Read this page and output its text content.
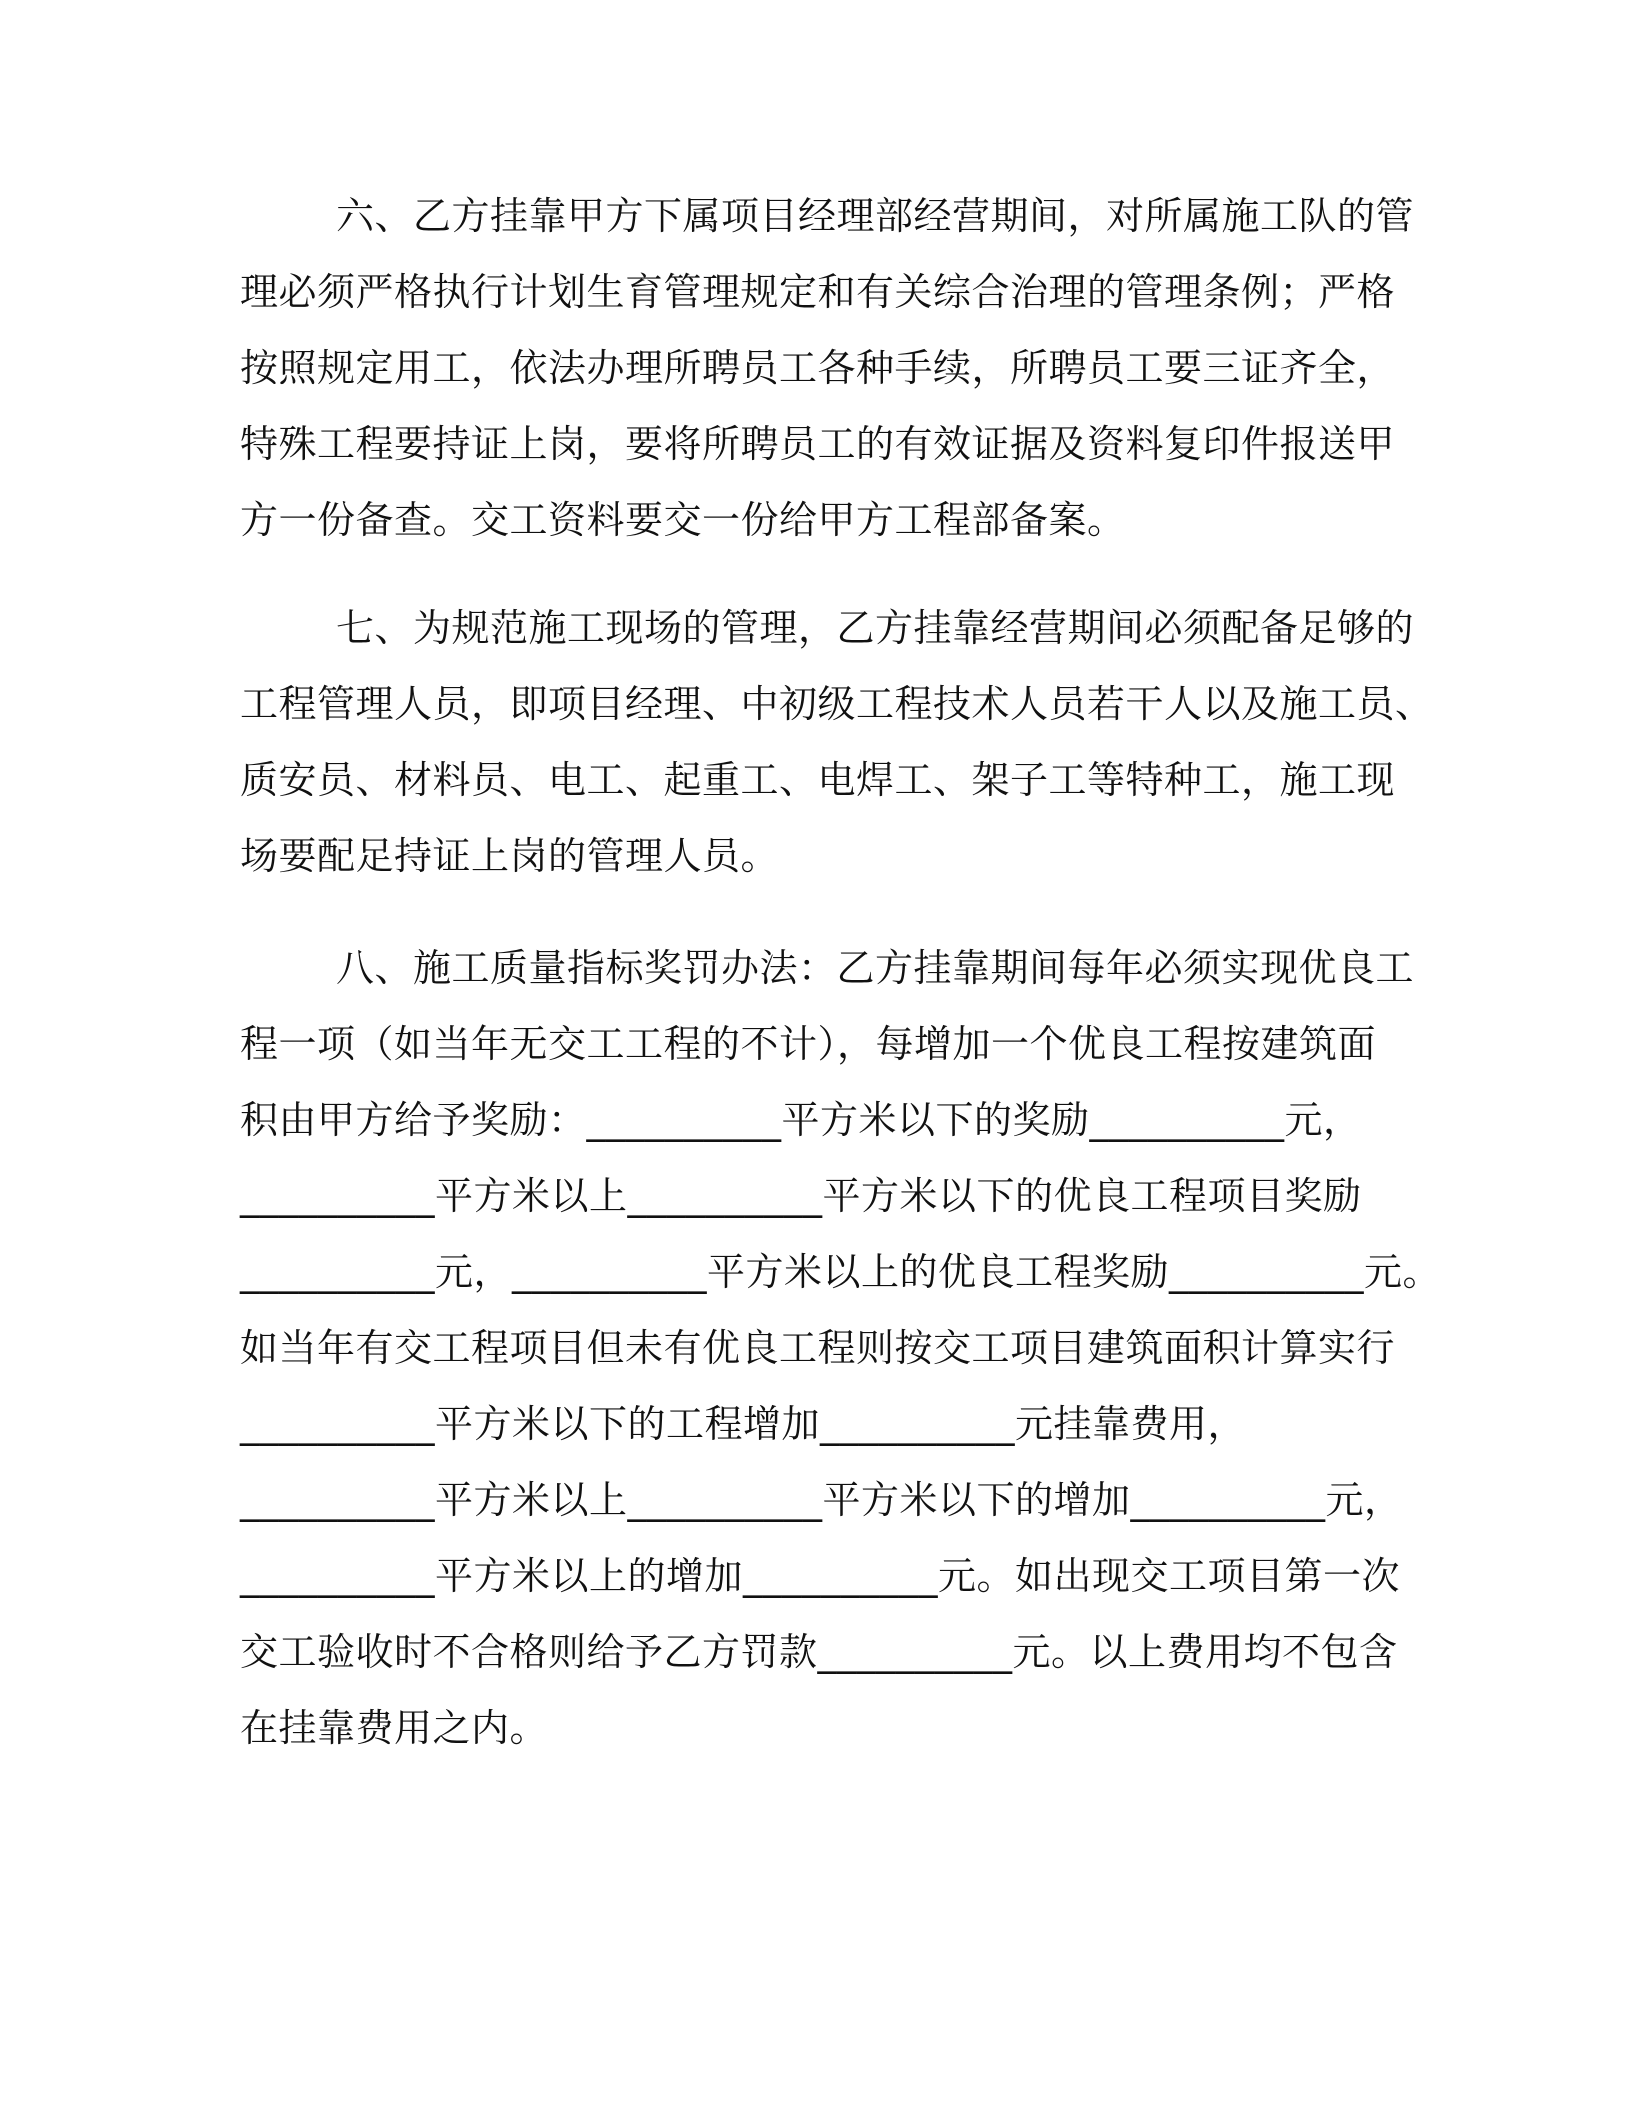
六、乙方挂靠甲方下属项目经理部经营期间，对所属施工队的管
理必须严格执行计划生育管理规定和有关综合治理的管理条例；严格
按照规定用工，依法办理所聘员工各种手续，所聘员工要三证齐全，
特殊工程要持证上岗，要将所聘员工的有效证据及资料复印件报送甲
方一份备查。交工资料要交一份给甲方工程部备案。
七、为规范施工现场的管理，乙方挂靠经营期间必须配备足够的
工程管理人员，即项目经理、中初级工程技术人员若干人以及施工员、
质安员、材料员、电工、起重工、电焊工、架子工等特种工，施工现
场要配足持证上岗的管理人员。
八、施工质量指标奖罚办法：乙方挂靠期间每年必须实现优良工
程一项（如当年无交工工程的不计），每增加一个优良工程按建筑面
积由甲方给予奖励：__________平方米以下的奖励__________元，
__________平方米以上__________平方米以下的优良工程项目奖励
__________元，__________平方米以上的优良工程奖励__________元。
如当年有交工程项目但未有优良工程则按交工项目建筑面积计算实行
__________平方米以下的工程增加__________元挂靠费用，
__________平方米以上__________平方米以下的增加__________元，
__________平方米以上的增加__________元。如出现交工项目第一次
交工验收时不合格则给予乙方罚款__________元。以上费用均不包含
在挂靠费用之内。
